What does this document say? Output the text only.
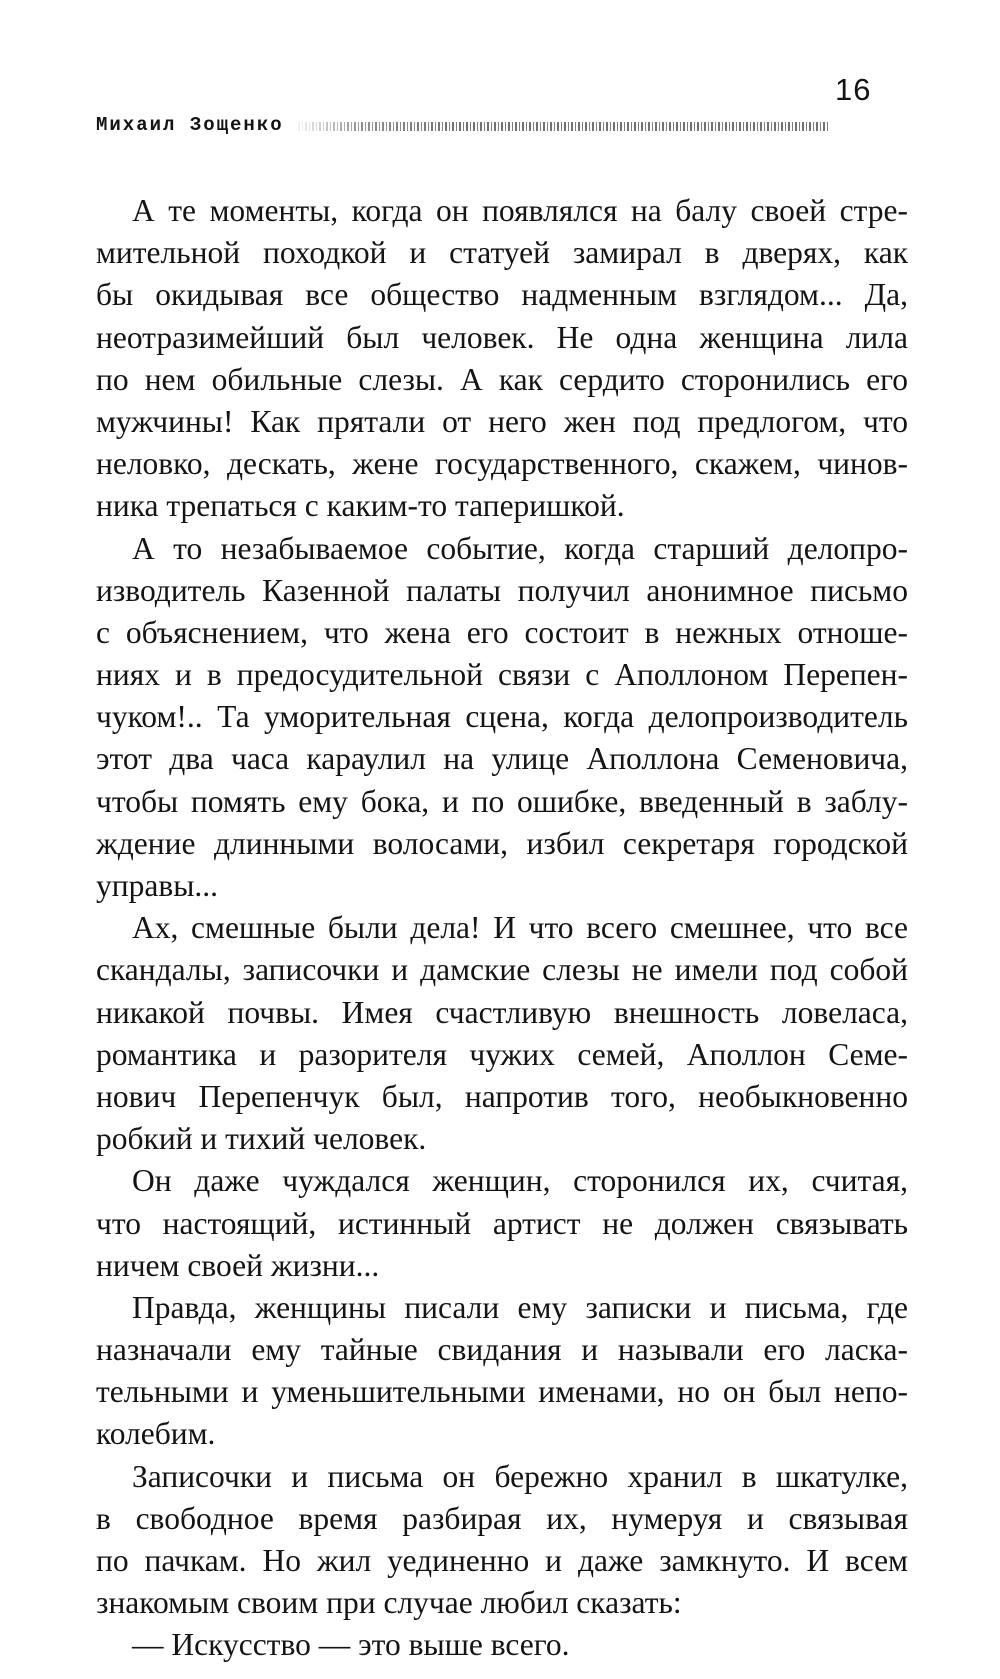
16
Михаил Зощенко
А те моменты, когда он появлялся на балу своей стре-
мительной походкой и статуей замирал в дверях, как
бы окидывая все общество надменным взглядом... Да,
неотразимейший был человек. Не одна женщина лила
по нем обильные слезы. А как сердито сторонились его
мужчины! Как прятали от него жен под предлогом, что
неловко, дескать, жене государственного, скажем, чинов-
ника трепаться с каким-то таперишкой.
А то незабываемое событие, когда старший делопро-
изводитель Казенной палаты получил анонимное письмо
с объяснением, что жена его состоит в нежных отноше-
ниях и в предосудительной связи с Аполлоном Перепен-
чуком!.. Та уморительная сцена, когда делопроизводитель
этот два часа караулил на улице Аполлона Семеновича,
чтобы помять ему бока, и по ошибке, введенный в заблу-
ждение длинными волосами, избил секретаря городской
управы...
Ах, смешные были дела! И что всего смешнее, что все
скандалы, записочки и дамские слезы не имели под собой
никакой почвы. Имея счастливую внешность ловеласа,
романтика и разорителя чужих семей, Аполлон Семе-
нович Перепенчук был, напротив того, необыкновенно
робкий и тихий человек.
Он даже чуждался женщин, сторонился их, считая,
что настоящий, истинный артист не должен связывать
ничем своей жизни...
Правда, женщины писали ему записки и письма, где
назначали ему тайные свидания и называли его ласка-
тельными и уменьшительными именами, но он был непо-
колебим.
Записочки и письма он бережно хранил в шкатулке,
в свободное время разбирая их, нумеруя и связывая
по пачкам. Но жил уединенно и даже замкнуто. И всем
знакомым своим при случае любил сказать:
— Искусство — это выше всего.
